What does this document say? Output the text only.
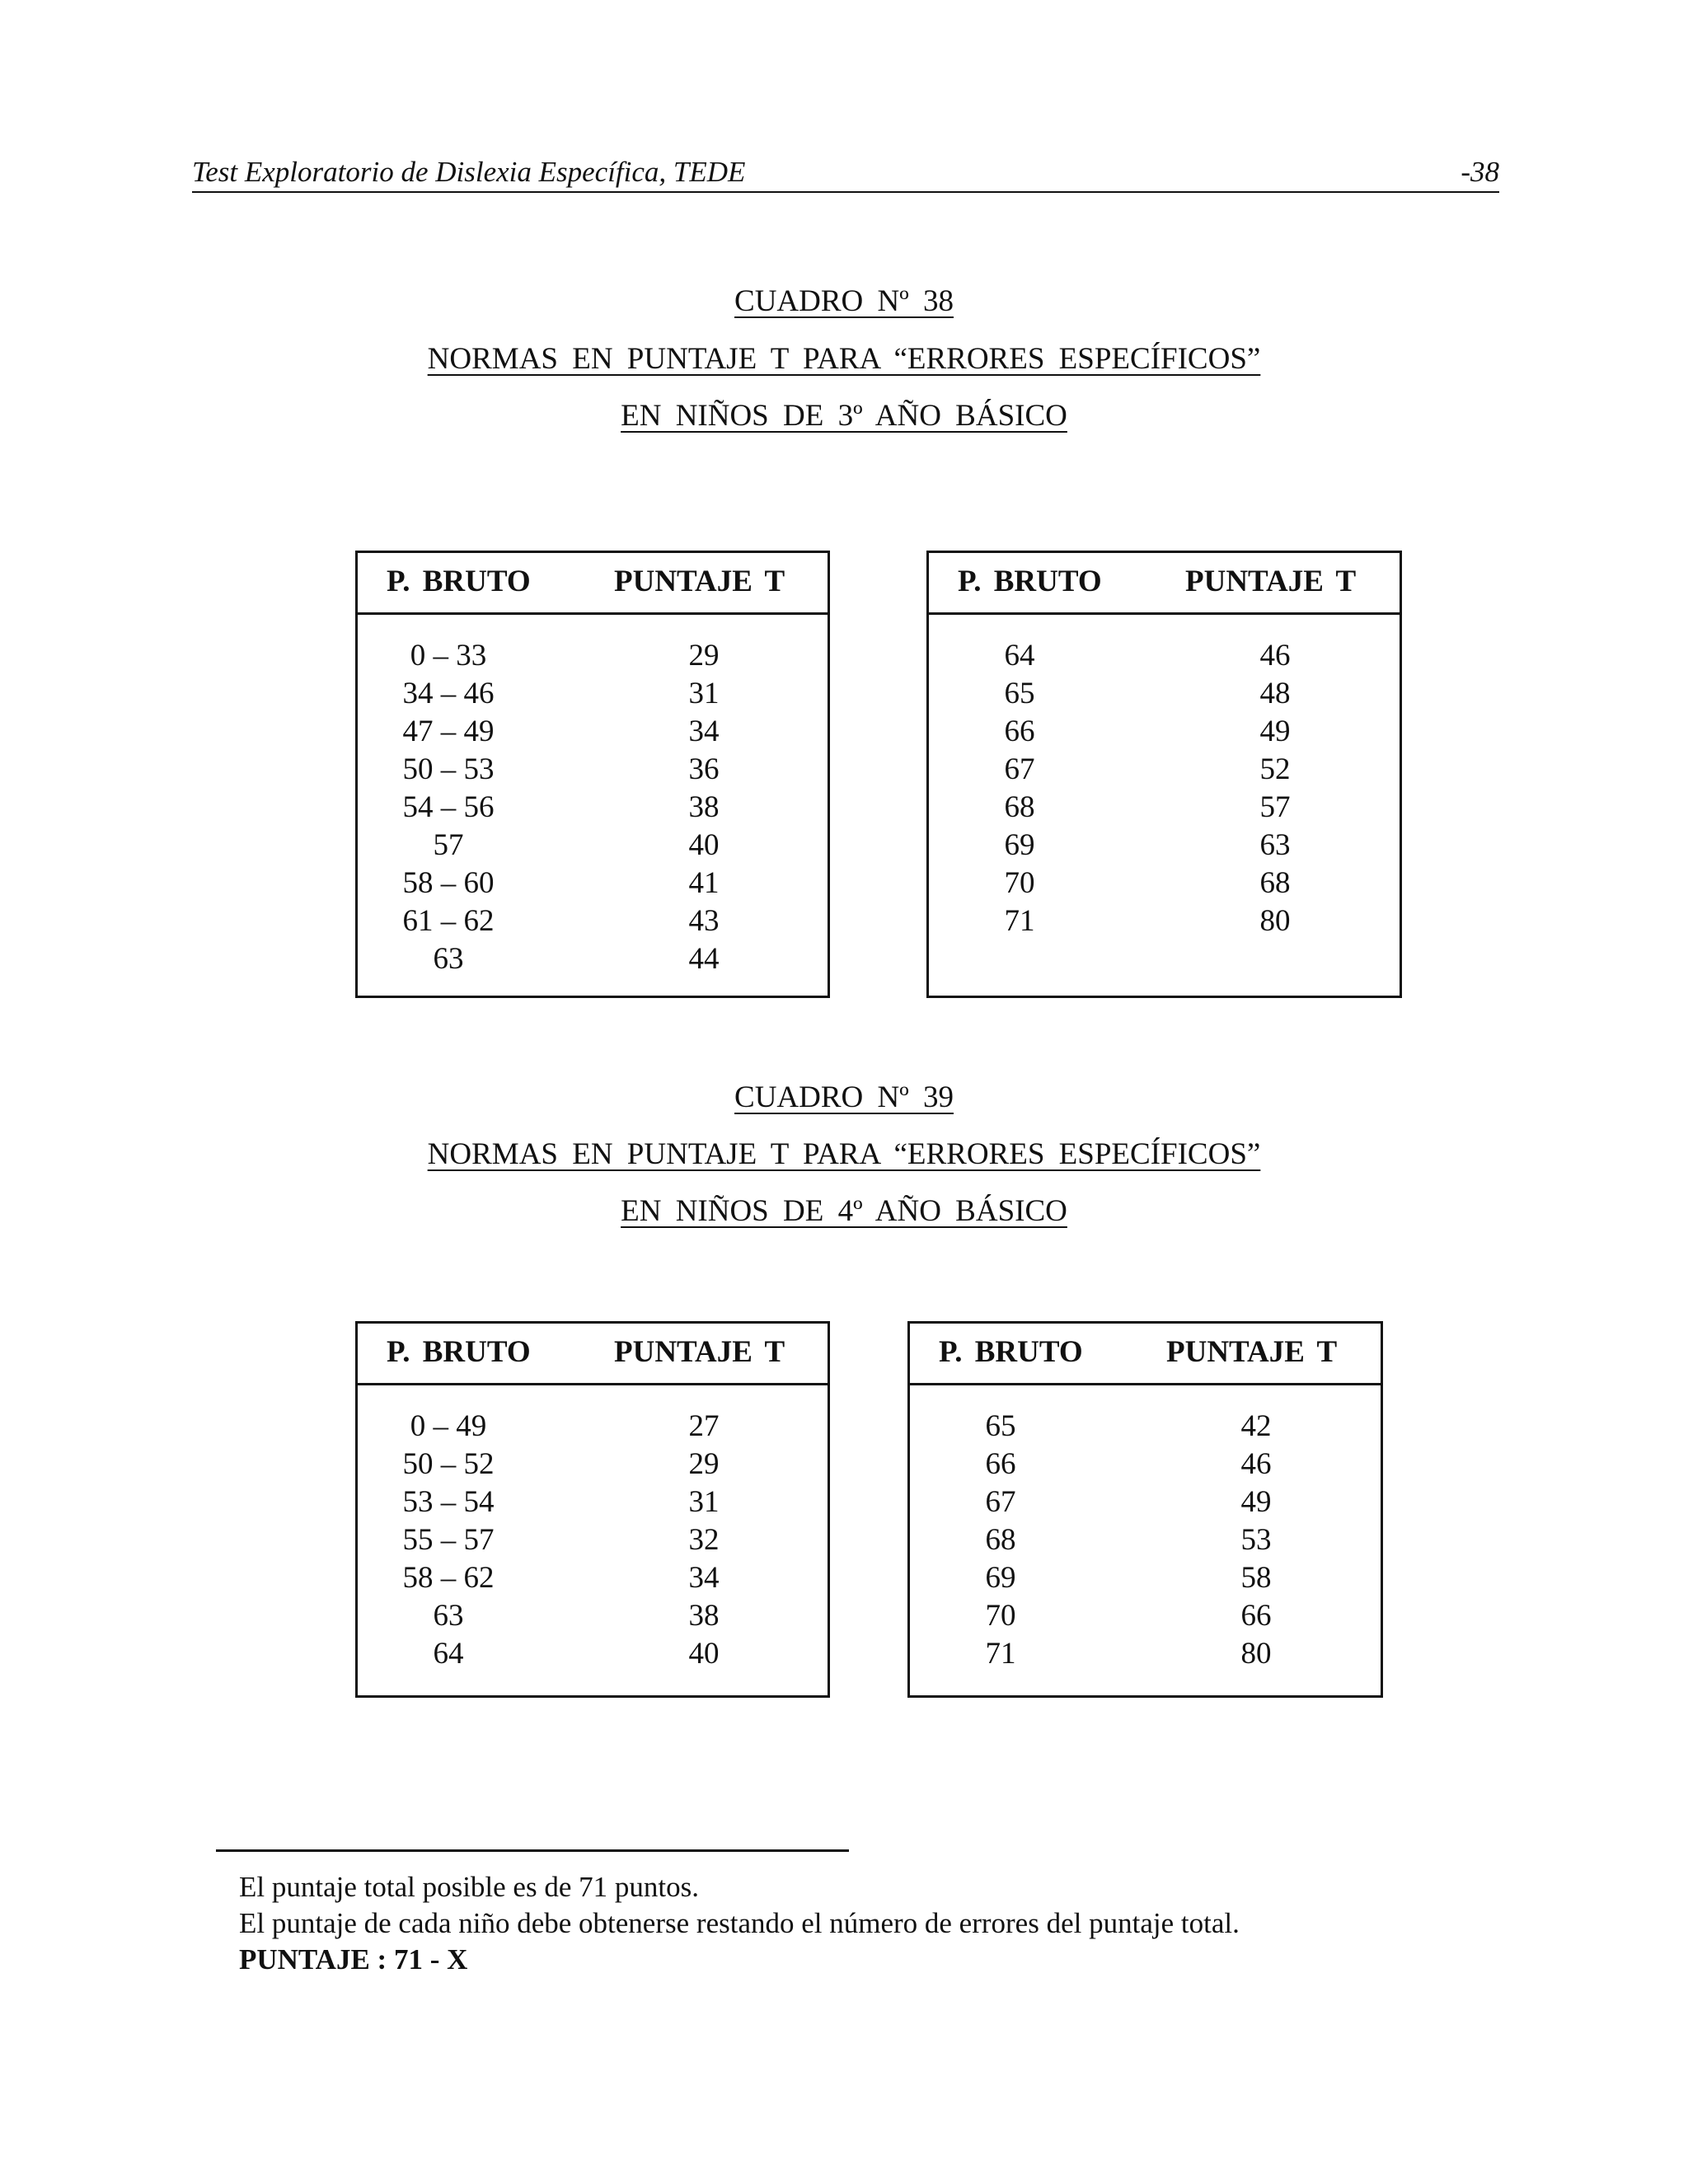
Test Exploratorio de Dislexia Específica, TEDE	-38
CUADRO Nº 38
NORMAS EN PUNTAJE T PARA “ERRORES ESPECÍFICOS”
EN NIÑOS DE 3º AÑO BÁSICO
P. BRUTO	PUNTAJE T
0 – 33	29
34 – 46	31
47 – 49	34
50 – 53	36
54 – 56	38
57	40
58 – 60	41
61 – 62	43
63	44
P. BRUTO	PUNTAJE T
64	46
65	48
66	49
67	52
68	57
69	63
70	68
71	80
CUADRO Nº 39
NORMAS EN PUNTAJE T PARA “ERRORES ESPECÍFICOS”
EN NIÑOS DE 4º AÑO BÁSICO
P. BRUTO	PUNTAJE T
0 – 49	27
50 – 52	29
53 – 54	31
55 – 57	32
58 – 62	34
63	38
64	40
P. BRUTO	PUNTAJE T
65	42
66	46
67	49
68	53
69	58
70	66
71	80
El puntaje total posible es de 71 puntos.
El puntaje de cada niño debe obtenerse restando el número de errores del puntaje total.
PUNTAJE : 71 - X
